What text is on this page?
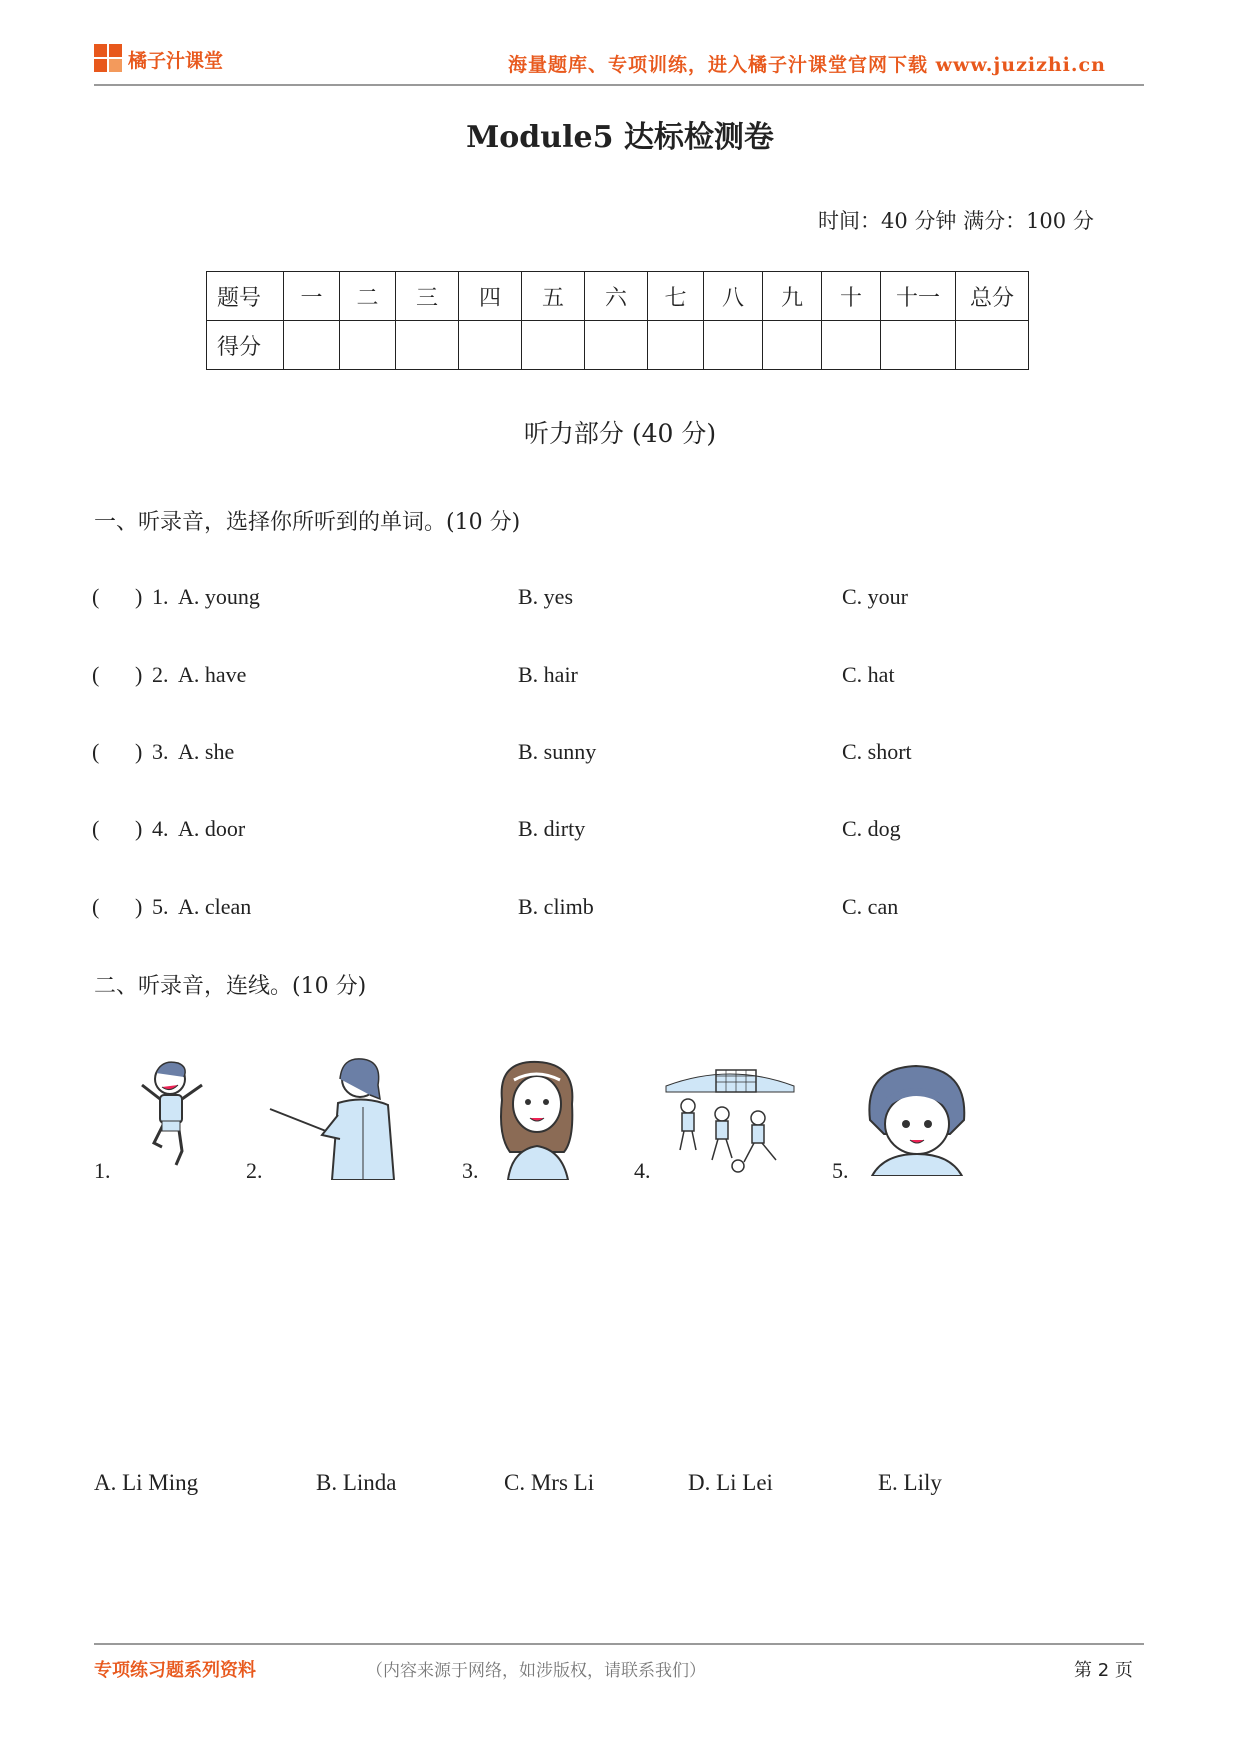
橘子汁课堂	海量题库、专项训练，进入橘子汁课堂官网下载 www.juzizhi.cn
Module5 达标检测卷
时间：40 分钟 满分：100 分
题号	一	二	三	四	五	六	七	八	九	十	十一	总分
得分												
听力部分 (40 分)
一、听录音，选择你所听到的单词。(10 分)
( ) 1. A. young	B. yes	C. your
( ) 2. A. have	B. hair	C. hat
( ) 3. A. she	B. sunny	C. short
( ) 4. A. door	B. dirty	C. dog
( ) 5. A. clean	B. climb	C. can
二、听录音，连线。(10 分)
1.	2.	3.	4.	5.
A. Li Ming	B. Linda	C. Mrs Li	D. Li Lei	E. Lily
专项练习题系列资料	（内容来源于网络，如涉版权，请联系我们）	第 2 页
